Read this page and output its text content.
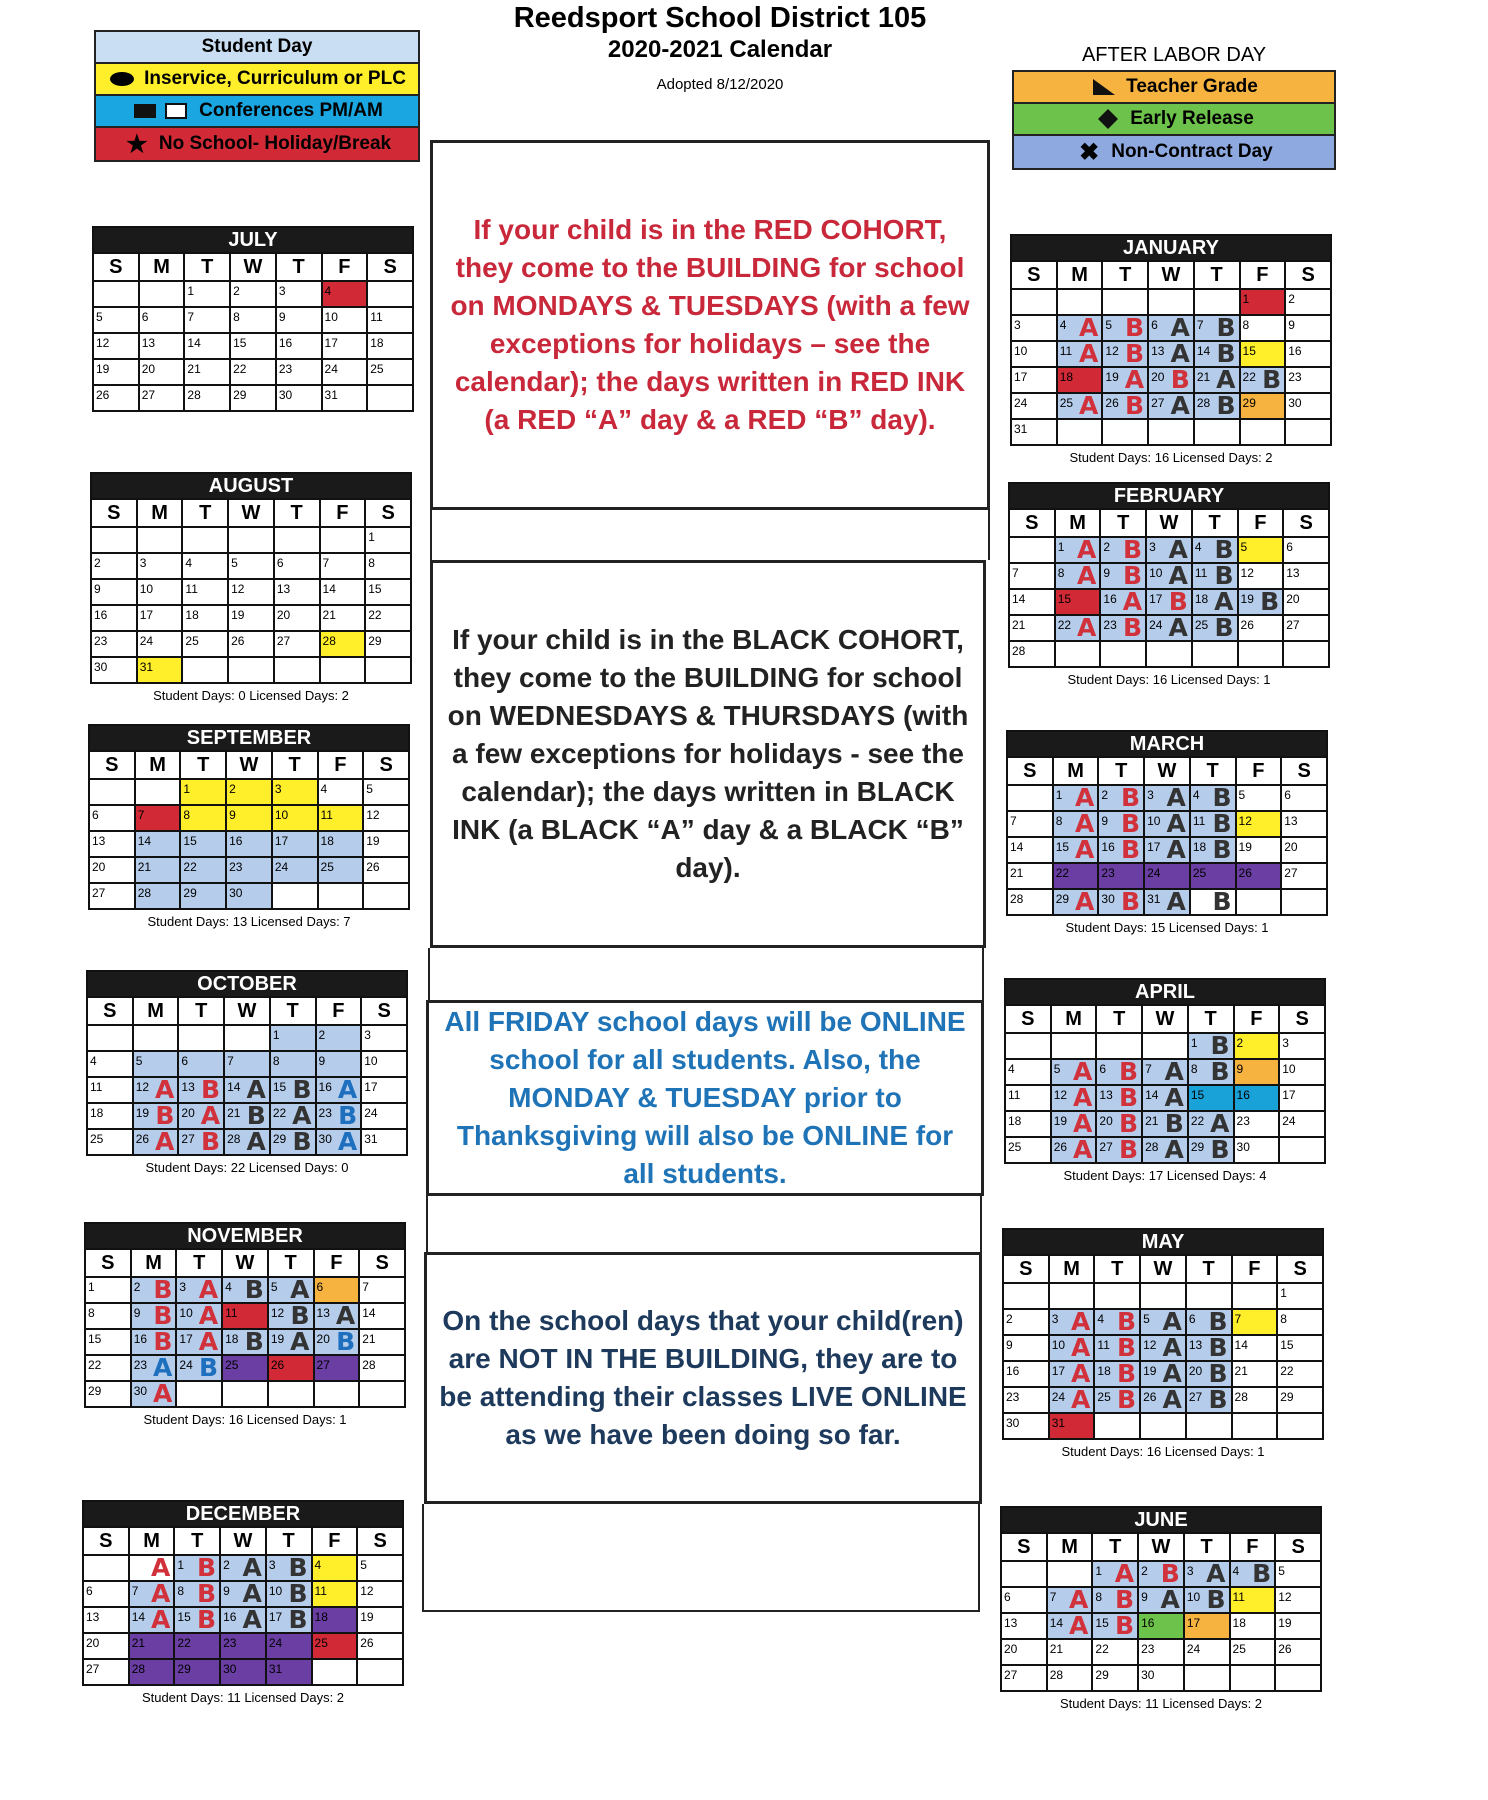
Reedsport School District 105
2020-2021 Calendar
Adopted 8/12/2020
Student Day
Inservice, Curriculum or PLC
Conferences PM/AM
★ No School- Holiday/Break
AFTER LABOR DAY
Teacher Grade
Early Release
✖ Non-Contract Day
If your child is in the RED COHORT, they come to the BUILDING for school on MONDAYS & TUESDAYS (with a few exceptions for holidays – see the calendar); the days written in RED INK (a RED “A” day & a RED “B” day).
If your child is in the BLACK COHORT, they come to the BUILDING for school on WEDNESDAYS & THURSDAYS (with a few exceptions for holidays - see the calendar); the days written in BLACK INK (a BLACK “A” day & a BLACK “B” day).
All FRIDAY school days will be ONLINE school for all students. Also, the MONDAY & TUESDAY prior to Thanksgiving will also be ONLINE for all students.
On the school days that your child(ren) are NOT IN THE BUILDING, they are to be attending their classes LIVE ONLINE as we have been doing so far.
JULY						
S	M	T	W	T	F	S

		1	2	3	4	

5	6	7	8	9	10	11

12	13	14	15	16	17	18

19	20	21	22	23	24	25

26	27	28	29	30	31	

AUGUST						
S	M	T	W	T	F	S

						1

2	3	4	5	6	7	8

9	10	11	12	13	14	15

16	17	18	19	20	21	22

23	24	25	26	27	28	29

30	31					

Student Days: 0 Licensed Days: 2
SEPTEMBER						
S	M	T	W	T	F	S

		1	2	3	4	5

6	7	8	9	10	11	12

13	14	15	16	17	18	19

20	21	22	23	24	25	26

27	28	29	30			

Student Days: 13 Licensed Days: 7
OCTOBER						
S	M	T	W	T	F	S

				1	2	3

4	5	6	7	8	9	10

11	12 A	13 B	14 A	15 B	16 A	17

18	19 B	20 A	21 B	22 A	23 B	24

25	26 A	27 B	28 A	29 B	30 A	31
Student Days: 22 Licensed Days: 0
NOVEMBER						
S	M	T	W	T	F	S

1	2 B	3 A	4 B	5 A	6	7

8	9 B	10 A	11	12 B	13 A	14

15	16 B	17 A	18 B	19 A	20 B	21

22	23 A	24 B	25	26	27	28

29	30 A					

Student Days: 16 Licensed Days: 1
DECEMBER						
S	M	T	W	T	F	S

	A	1 B	2 A	3 B	4	5

6	7 A	8 B	9 A	10 B	11	12

13	14 A	15 B	16 A	17 B	18	19

20	21	22	23	24	25	26

27	28	29	30	31		

Student Days: 11 Licensed Days: 2
JANUARY						
S	M	T	W	T	F	S

					1	2

3	4 A	5 B	6 A	7 B	8	9

10	11 A	12 B	13 A	14 B	15	16

17	18	19 A	20 B	21 A	22 B	23

24	25 A	26 B	27 A	28 B	29	30

31						

Student Days: 16 Licensed Days: 2
FEBRUARY						
S	M	T	W	T	F	S

	1 A	2 B	3 A	4 B	5	6

7	8 A	9 B	10 A	11 B	12	13

14	15	16 A	17 B	18 A	19 B	20

21	22 A	23 B	24 A	25 B	26	27

28						

Student Days: 16 Licensed Days: 1
MARCH						
S	M	T	W	T	F	S

	1 A	2 B	3 A	4 B	5	6

7	8 A	9 B	10 A	11 B	12	13

14	15 A	16 B	17 A	18 B	19	20

21	22	23	24	25	26	27

28	29 A	30 B	31 A	B		

Student Days: 15 Licensed Days: 1
APRIL						
S	M	T	W	T	F	S

				1 B	2	3

4	5 A	6 B	7 A	8 B	9	10

11	12 A	13 B	14 A	15	16	17

18	19 A	20 B	21 B	22 A	23	24

25	26 A	27 B	28 A	29 B	30	

Student Days: 17 Licensed Days: 4
MAY						
S	M	T	W	T	F	S

						1

2	3 A	4 B	5 A	6 B	7	8

9	10 A	11 B	12 A	13 B	14	15

16	17 A	18 B	19 A	20 B	21	22

23	24 A	25 B	26 A	27 B	28	29

30	31					

Student Days: 16 Licensed Days: 1
JUNE						
S	M	T	W	T	F	S

		1 A	2 B	3 A	4 B	5

6	7 A	8 B	9 A	10 B	11	12

13	14 A	15 B	16	17	18	19

20	21	22	23	24	25	26

27	28	29	30			

Student Days: 11 Licensed Days: 2
